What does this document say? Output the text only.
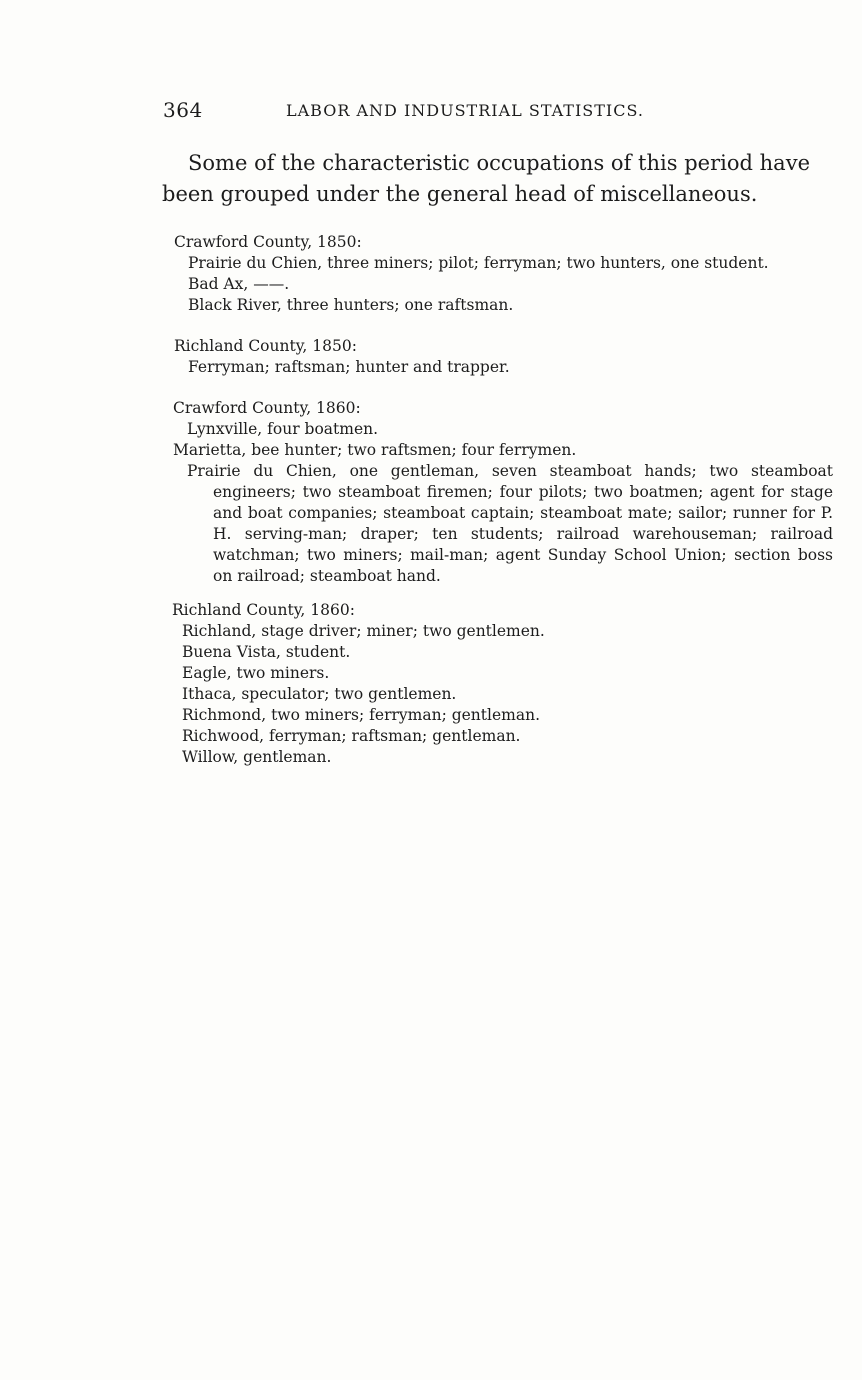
364	LABOR AND INDUSTRIAL STATISTICS.
Some of the characteristic occupations of this period have been grouped under the general head of miscellaneous.
Crawford County, 1850:
Prairie du Chien, three miners; pilot; ferryman; two hunters, one student.
Bad Ax, ——.
Black River, three hunters; one raftsman.
Richland County, 1850:
Ferryman; raftsman; hunter and trapper.
Crawford County, 1860:
Lynxville, four boatmen.
Marietta, bee hunter; two raftsmen; four ferrymen.
Prairie du Chien, one gentleman, seven steamboat hands; two steamboat engineers; two steamboat firemen; four pilots; two boatmen; agent for stage and boat companies; steamboat captain; steamboat mate; sailor; runner for P. H. serving-man; draper; ten students; railroad warehouseman; railroad watchman; two miners; mail-man; agent Sunday School Union; section boss on railroad; steamboat hand.
Richland County, 1860:
Richland, stage driver; miner; two gentlemen.
Buena Vista, student.
Eagle, two miners.
Ithaca, speculator; two gentlemen.
Richmond, two miners; ferryman; gentleman.
Richwood, ferryman; raftsman; gentleman.
Willow, gentleman.
